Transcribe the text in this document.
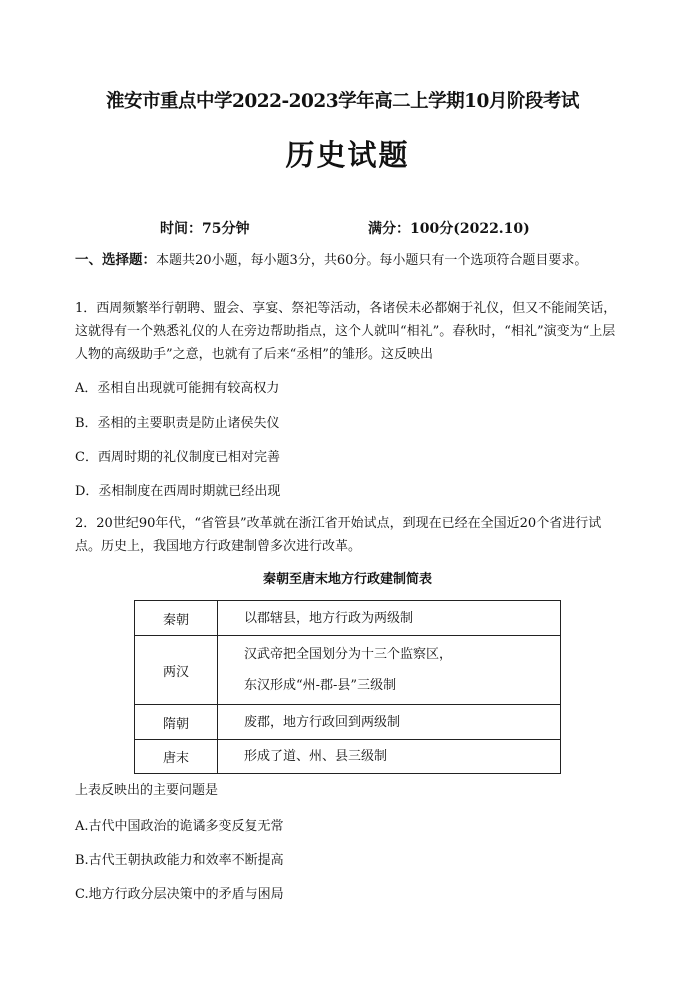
淮安市重点中学2022-2023学年高二上学期10月阶段考试
历史试题
时间：75分钟	满分：100分(2022.10)
一、选择题：本题共20小题，每小题3分，共60分。每小题只有一个选项符合题目要求。
1．西周频繁举行朝聘、盟会、享宴、祭祀等活动，各诸侯未必都娴于礼仪，但又不能闹笑话，这就得有一个熟悉礼仪的人在旁边帮助指点，这个人就叫“相礼”。春秋时，“相礼”演变为“上层人物的高级助手”之意，也就有了后来“丞相”的雏形。这反映出
A．丞相自出现就可能拥有较高权力
B．丞相的主要职责是防止诸侯失仪
C．西周时期的礼仪制度已相对完善
D．丞相制度在西周时期就已经出现
2．20世纪90年代，“省管县”改革就在浙江省开始试点，到现在已经在全国近20个省进行试点。历史上，我国地方行政建制曾多次进行改革。
秦朝至唐末地方行政建制简表
秦朝	以郡辖县，地方行政为两级制

两汉	汉武帝把全国划分为十三个监察区，
东汉形成“州-郡-县”三级制

隋朝	废郡，地方行政回到两级制

唐末	形成了道、州、县三级制
上表反映出的主要问题是
A.古代中国政治的诡谲多变反复无常
B.古代王朝执政能力和效率不断提高
C.地方行政分层决策中的矛盾与困局
